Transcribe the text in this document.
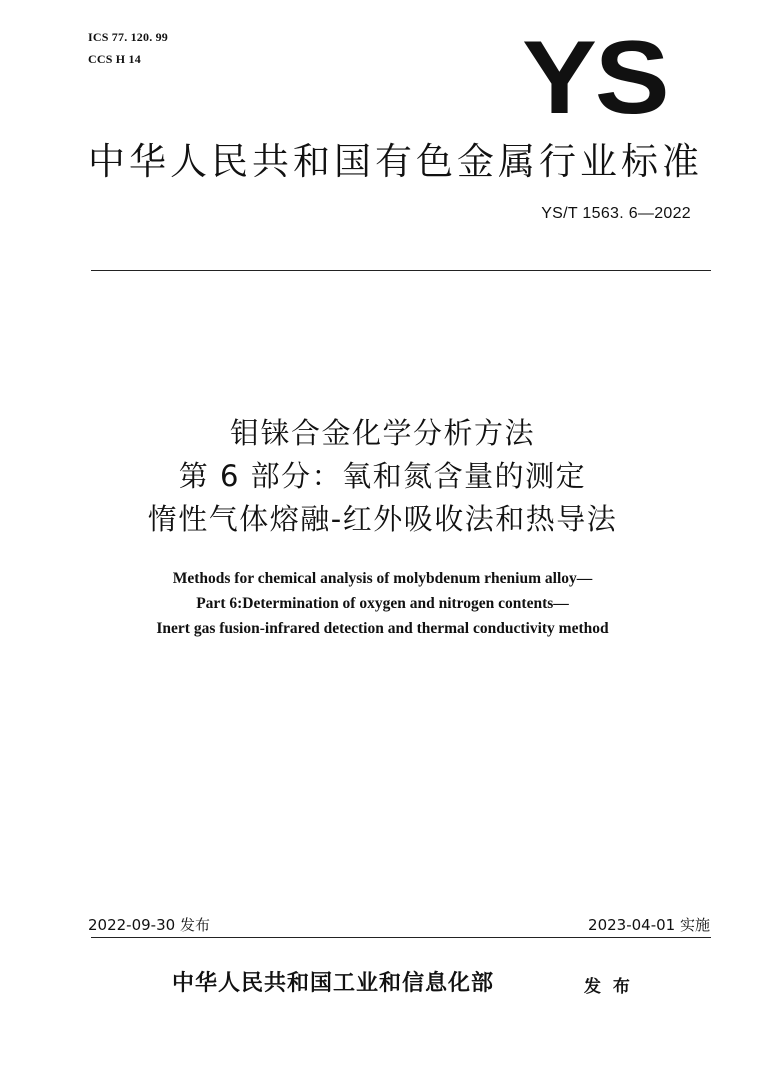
ICS 77. 120. 99
CCS H 14	YS
中华人民共和国有色金属行业标准
YS/T 1563. 6—2022
钼铼合金化学分析方法
第 6 部分：氧和氮含量的测定
惰性气体熔融-红外吸收法和热导法
Methods for chemical analysis of molybdenum rhenium alloy—
Part 6:Determination of oxygen and nitrogen contents—
Inert gas fusion-infrared detection and thermal conductivity method
2022-09-30 发布	2023-04-01 实施
中华人民共和国工业和信息化部	发 布
